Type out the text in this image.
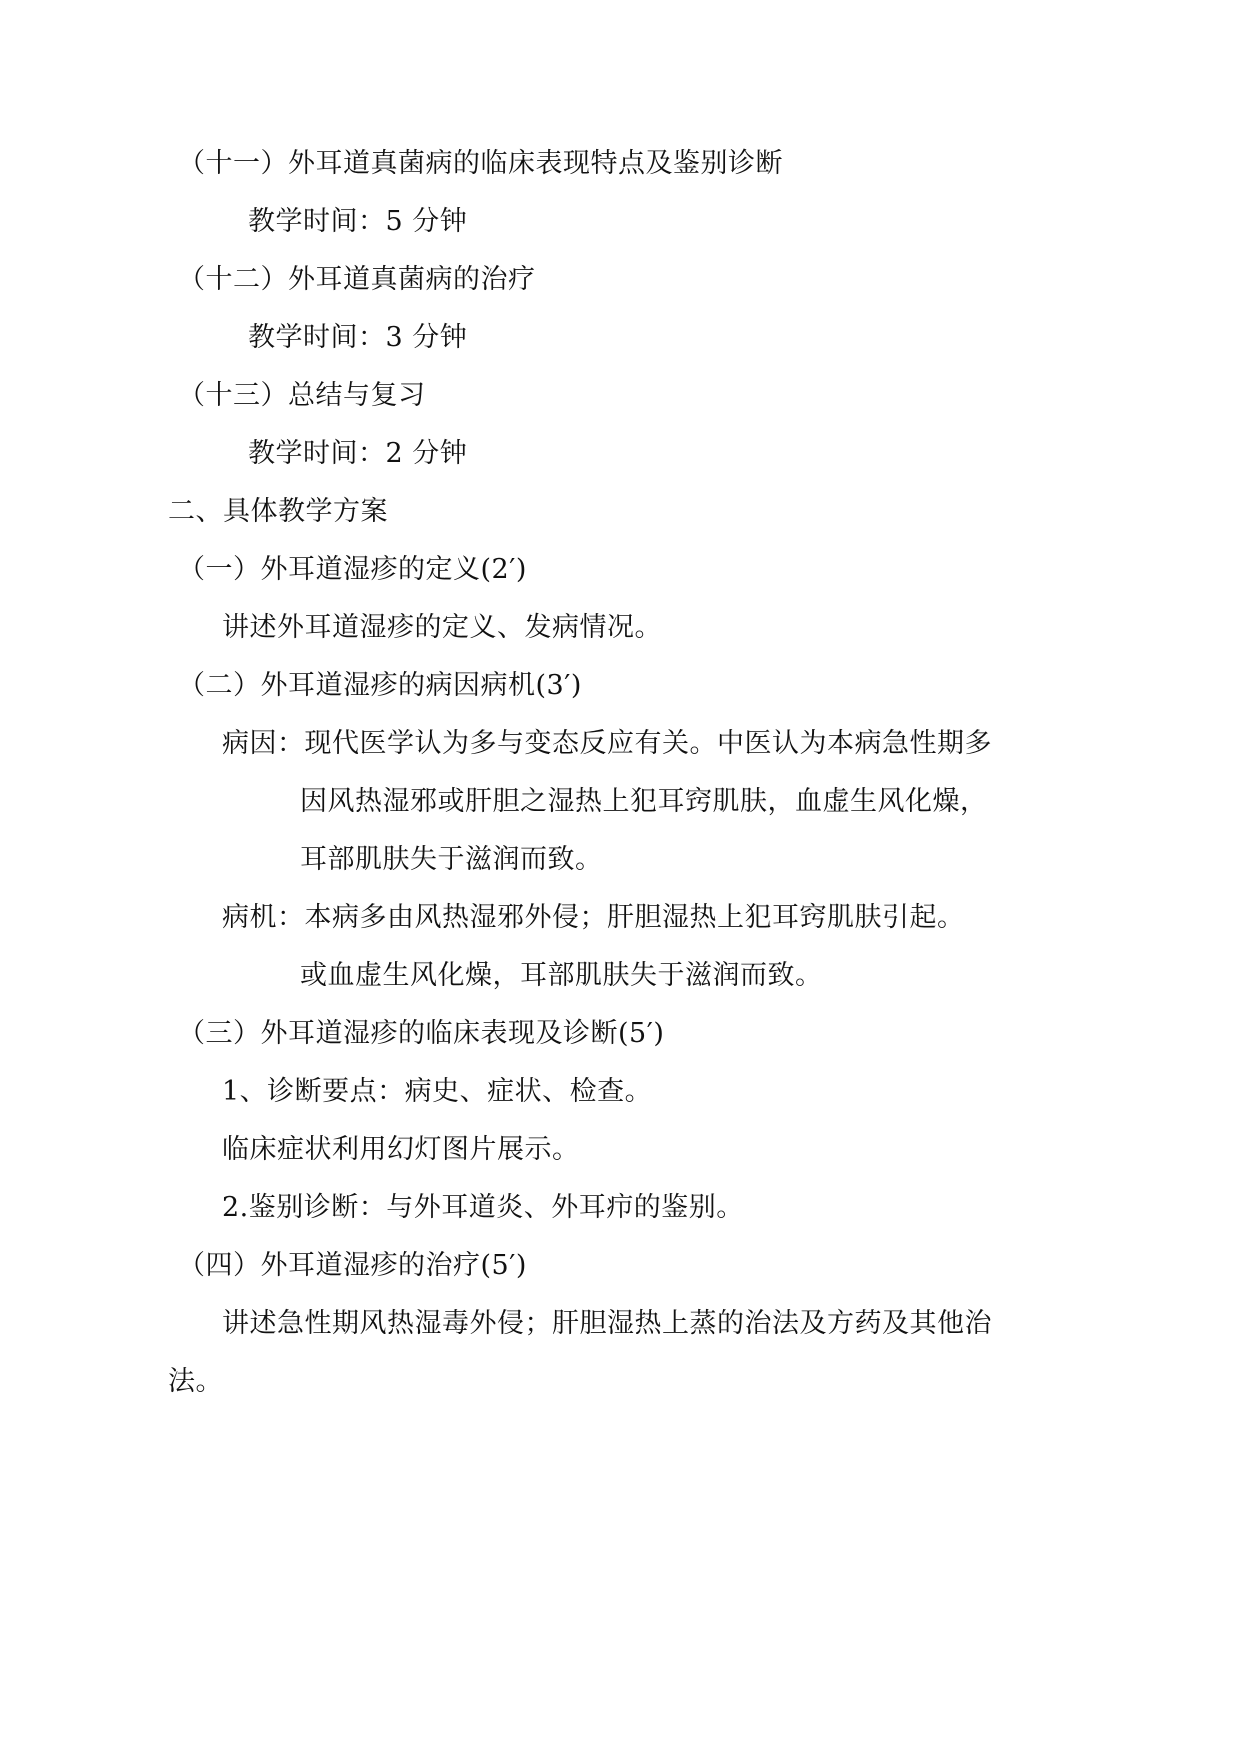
（十一）外耳道真菌病的临床表现特点及鉴别诊断
教学时间：5 分钟
（十二）外耳道真菌病的治疗
教学时间：3 分钟
（十三）总结与复习
教学时间：2 分钟
二、具体教学方案
（一）外耳道湿疹的定义(2′)
讲述外耳道湿疹的定义、发病情况。
（二）外耳道湿疹的病因病机(3′)
病因：现代医学认为多与变态反应有关。中医认为本病急性期多
因风热湿邪或肝胆之湿热上犯耳窍肌肤，血虚生风化燥，
耳部肌肤失于滋润而致。
病机：本病多由风热湿邪外侵；肝胆湿热上犯耳窍肌肤引起。
或血虚生风化燥，耳部肌肤失于滋润而致。
（三）外耳道湿疹的临床表现及诊断(5′)
1、诊断要点：病史、症状、检查。
临床症状利用幻灯图片展示。
2.鉴别诊断：与外耳道炎、外耳疖的鉴别。
（四）外耳道湿疹的治疗(5′)
讲述急性期风热湿毒外侵；肝胆湿热上蒸的治法及方药及其他治
法。
